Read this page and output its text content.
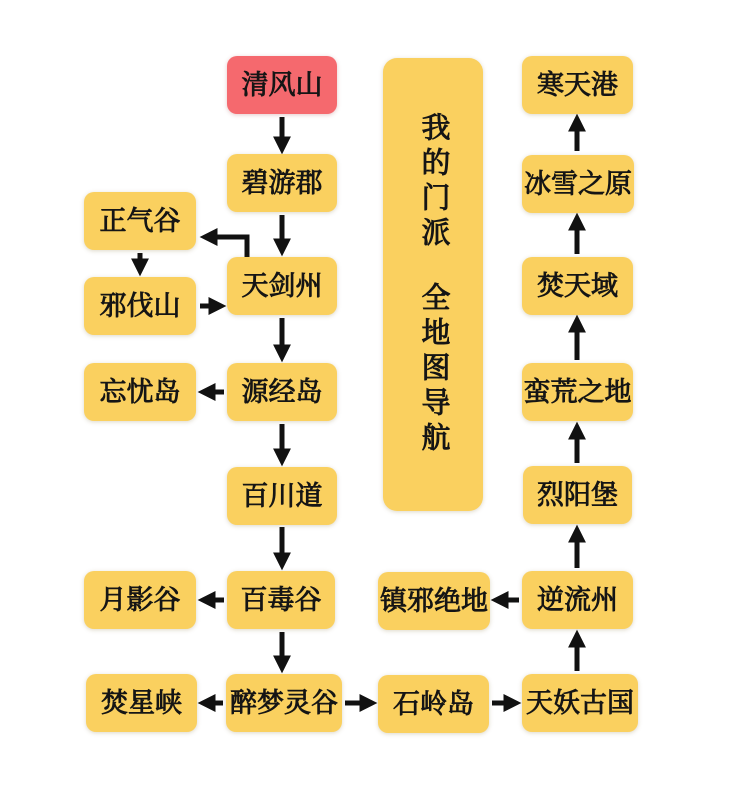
清风山
碧游郡
正气谷
天剑州
邪伐山
忘忧岛	源经岛
百川道
月影谷	百毒谷
焚星峡	醉梦灵谷
镇邪绝地
石岭岛
逆流州
天妖古国
烈阳堡
蛮荒之地
焚天域
冰雪之原
寒天港
我的门派
全地图导航
